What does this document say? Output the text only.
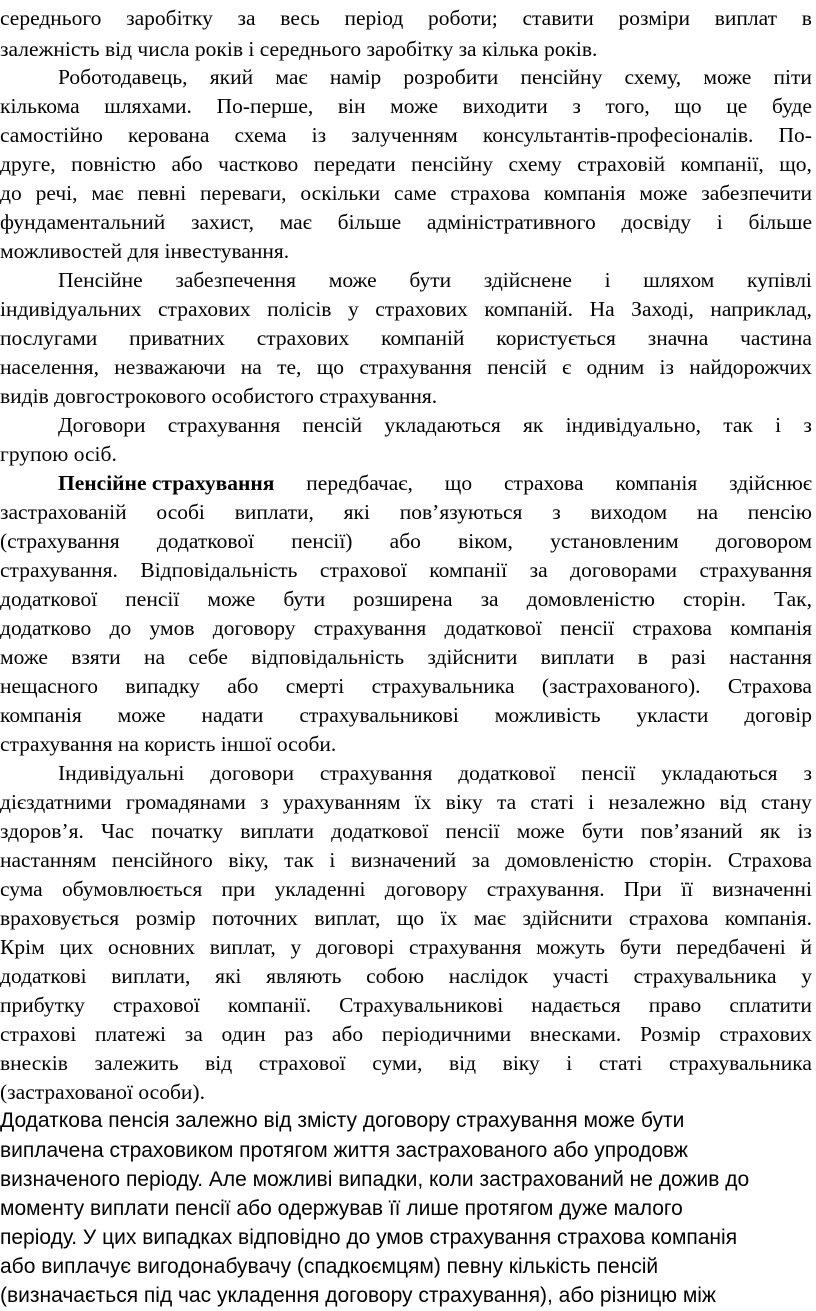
середнього заробітку за весь період роботи; ставити розміри виплат в
залежність від числа років і середнього заробітку за кілька років.
Роботодавець, який має намір розробити пенсійну схему, може піти
кількома шляхами. По-перше, він може виходити з того, що це буде
самостійно керована схема із залученням консультантів-професіоналів. По-
друге, повністю або частково передати пенсійну схему страховій компанії, що,
до речі, має певні переваги, оскільки саме страхова компанія може забезпечити
фундаментальний захист, має більше адміністративного досвіду і більше
можливостей для інвестування.
Пенсійне забезпечення може бути здійснене і шляхом купівлі
індивідуальних страхових полісів у страхових компаній. На Заході, наприклад,
послугами приватних страхових компаній користується значна частина
населення, незважаючи на те, що страхування пенсій є одним із найдорожчих
видів довгострокового особистого страхування.
Договори страхування пенсій укладаються як індивідуально, так і з
групою осіб.
Пенсійне страхування передбачає, що страхова компанія здійснює
застрахованій особі виплати, які пов’язуються з виходом на пенсію
(страхування додаткової пенсії) або віком, установленим договором
страхування. Відповідальність страхової компанії за договорами страхування
додаткової пенсії може бути розширена за домовленістю сторін. Так,
додатково до умов договору страхування додаткової пенсії страхова компанія
може взяти на себе відповідальність здійснити виплати в разі настання
нещасного випадку або смерті страхувальника (застрахованого). Страхова
компанія може надати страхувальникові можливість укласти договір
страхування на користь іншої особи.
Індивідуальні договори страхування додаткової пенсії укладаються з
дієздатними громадянами з урахуванням їх віку та статі і незалежно від стану
здоров’я. Час початку виплати додаткової пенсії може бути пов’язаний як із
настанням пенсійного віку, так і визначений за домовленістю сторін. Страхова
сума обумовлюється при укладенні договору страхування. При її визначенні
враховується розмір поточних виплат, що їх має здійснити страхова компанія.
Крім цих основних виплат, у договорі страхування можуть бути передбачені й
додаткові виплати, які являють собою наслідок участі страхувальника у
прибутку страхової компанії. Страхувальникові надається право сплатити
страхові платежі за один раз або періодичними внесками. Розмір страхових
внесків залежить від страхової суми, від віку і статі страхувальника
(застрахованої особи).
Додаткова пенсія залежно від змісту договору страхування може бути
виплачена страховиком протягом життя застрахованого або упродовж
визначеного періоду. Але можливі випадки, коли застрахований не дожив до
моменту виплати пенсії або одержував її лише протягом дуже малого
періоду. У цих випадках відповідно до умов страхування страхова компанія
або виплачує вигодонабувачу (спадкоємцям) певну кількість пенсій
(визначається під час укладення договору страхування), або різницю між
